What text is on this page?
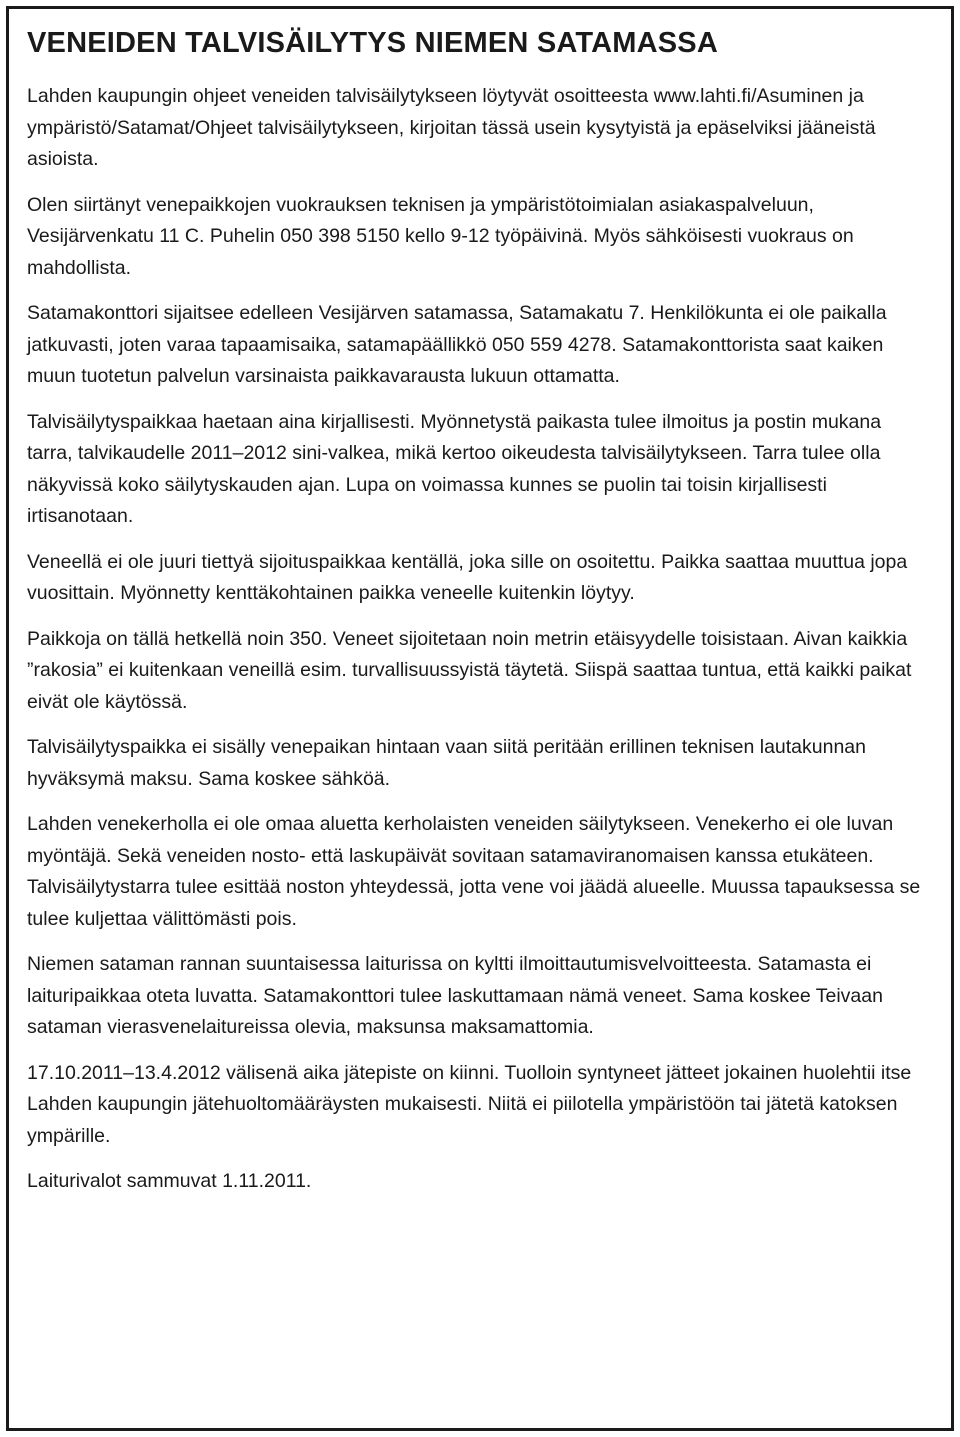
VENEIDEN TALVISÄILYTYS NIEMEN SATAMASSA

Lahden kaupungin ohjeet veneiden talvisäilytykseen löytyvät osoitteesta www.lahti.fi/Asuminen ja ympäristö/Satamat/Ohjeet talvisäilytykseen, kirjoitan tässä usein kysytyistä ja epäselviksi jääneistä asioista.

Olen siirtänyt venepaikkojen vuokrauksen teknisen ja ympäristötoimialan asiakaspalveluun, Vesijärvenkatu 11 C. Puhelin 050 398 5150 kello 9-12 työpäivinä. Myös sähköisesti vuokraus on mahdollista.

Satamakonttori sijaitsee edelleen Vesijärven satamassa, Satamakatu 7. Henkilökunta ei ole paikalla jatkuvasti, joten varaa tapaamisaika, satamapäällikkö 050 559 4278. Satamakonttorista saat kaiken muun tuotetun palvelun varsinaista paikkavarausta lukuun ottamatta.

Talvisäilytyspaikkaa haetaan aina kirjallisesti. Myönnetystä paikasta tulee ilmoitus ja postin mukana tarra, talvikaudelle 2011–2012 sini-valkea, mikä kertoo oikeudesta talvisäilytykseen. Tarra tulee olla näkyvissä koko säilytyskauden ajan. Lupa on voimassa kunnes se puolin tai toisin kirjallisesti irtisanotaan.

Veneellä ei ole juuri tiettyä sijoituspaikkaa kentällä, joka sille on osoitettu. Paikka saattaa muuttua jopa vuosittain. Myönnetty kenttäkohtainen paikka veneelle kuitenkin löytyy.

Paikkoja on tällä hetkellä noin 350. Veneet sijoitetaan noin metrin etäisyydelle toisistaan. Aivan kaikkia ”rakosia” ei kuitenkaan veneillä esim. turvallisuussyistä täytetä. Siispä saattaa tuntua, että kaikki paikat eivät ole käytössä.

Talvisäilytyspaikka ei sisälly venepaikan hintaan vaan siitä peritään erillinen teknisen lautakunnan hyväksymä maksu. Sama koskee sähköä.

Lahden venekerholla ei ole omaa aluetta kerholaisten veneiden säilytykseen. Venekerho ei ole luvan myöntäjä. Sekä veneiden nosto- että laskupäivät sovitaan satamaviranomaisen kanssa etukäteen. Talvisäilytystarra tulee esittää noston yhteydessä, jotta vene voi jäädä alueelle. Muussa tapauksessa se tulee kuljettaa välittömästi pois.

Niemen sataman rannan suuntaisessa laiturissa on kyltti ilmoittautumisvelvoitteesta. Satamasta ei laituripaikkaa oteta luvatta. Satamakonttori tulee laskuttamaan nämä veneet. Sama koskee Teivaan sataman vierasvenelaitureissa olevia, maksunsa maksamattomia.

17.10.2011–13.4.2012 välisenä aika jätepiste on kiinni. Tuolloin syntyneet jätteet jokainen huolehtii itse Lahden kaupungin jätehuoltomääräysten mukaisesti. Niitä ei piilotella ympäristöön tai jätetä katoksen ympärille.

Laiturivalot sammuvat 1.11.2011.
